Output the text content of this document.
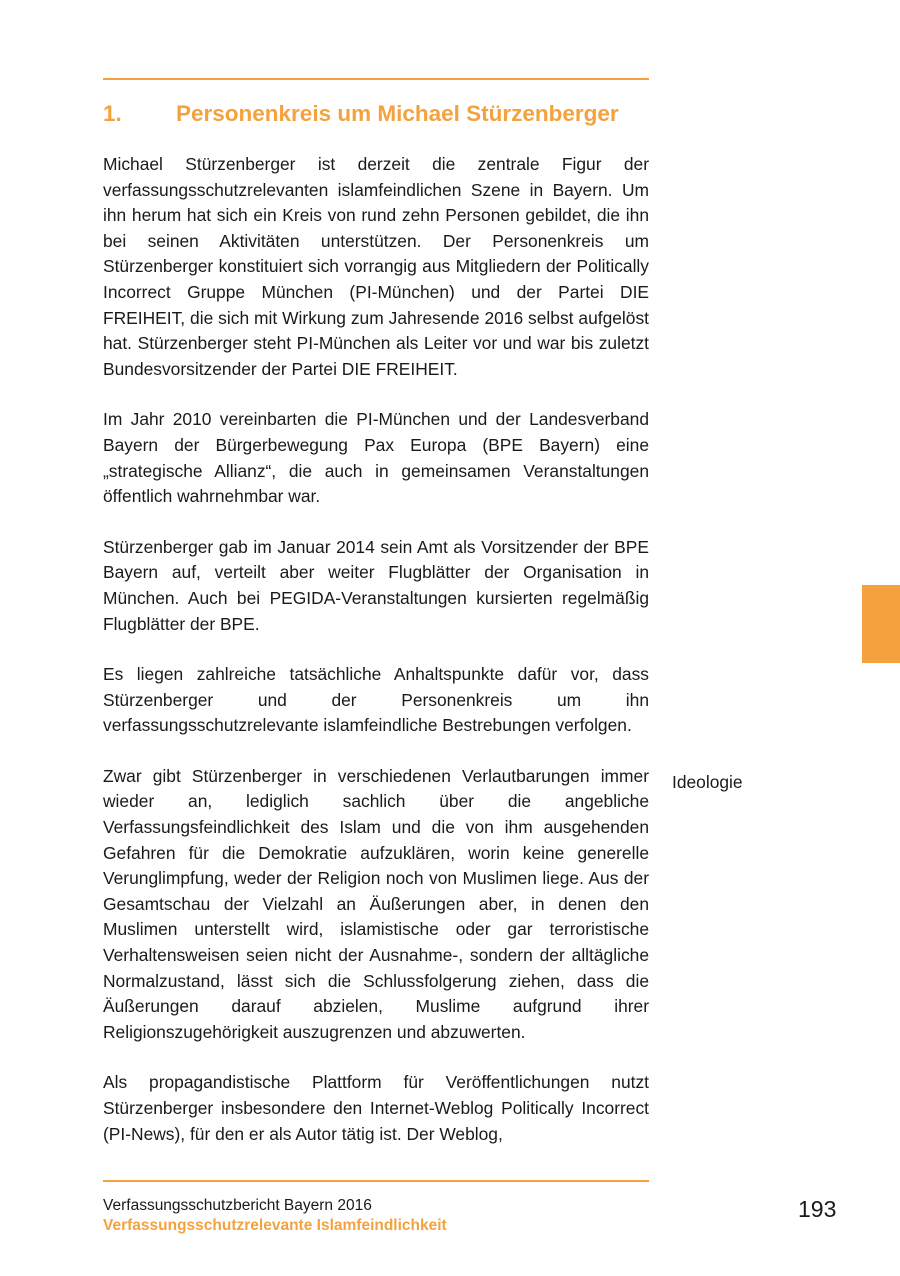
1. Personenkreis um Michael Stürzenberger

Michael Stürzenberger ist derzeit die zentrale Figur der verfassungsschutzrelevanten islamfeindlichen Szene in Bayern. Um ihn herum hat sich ein Kreis von rund zehn Personen gebildet, die ihn bei seinen Aktivitäten unterstützen. Der Personenkreis um Stürzenberger konstituiert sich vorrangig aus Mitgliedern der Politically Incorrect Gruppe München (PI-München) und der Partei DIE FREIHEIT, die sich mit Wirkung zum Jahresende 2016 selbst aufgelöst hat. Stürzenberger steht PI-München als Leiter vor und war bis zuletzt Bundesvorsitzender der Partei DIE FREIHEIT.

Im Jahr 2010 vereinbarten die PI-München und der Landesverband Bayern der Bürgerbewegung Pax Europa (BPE Bayern) eine „strategische Allianz“, die auch in gemeinsamen Veranstaltungen öffentlich wahrnehmbar war.

Stürzenberger gab im Januar 2014 sein Amt als Vorsitzender der BPE Bayern auf, verteilt aber weiter Flugblätter der Organisation in München. Auch bei PEGIDA-Veranstaltungen kursierten regelmäßig Flugblätter der BPE.

Es liegen zahlreiche tatsächliche Anhaltspunkte dafür vor, dass Stürzenberger und der Personenkreis um ihn verfassungsschutzrelevante islamfeindliche Bestrebungen verfolgen.

Zwar gibt Stürzenberger in verschiedenen Verlautbarungen immer wieder an, lediglich sachlich über die angebliche Verfassungsfeindlichkeit des Islam und die von ihm ausgehenden Gefahren für die Demokratie aufzuklären, worin keine generelle Verunglimpfung, weder der Religion noch von Muslimen liege. Aus der Gesamtschau der Vielzahl an Äußerungen aber, in denen den Muslimen unterstellt wird, islamistische oder gar terroristische Verhaltensweisen seien nicht der Ausnahme-, sondern der alltägliche Normalzustand, lässt sich die Schlussfolgerung ziehen, dass die Äußerungen darauf abzielen, Muslime aufgrund ihrer Religionszugehörigkeit auszugrenzen und abzuwerten.

Als propagandistische Plattform für Veröffentlichungen nutzt Stürzenberger insbesondere den Internet-Weblog Politically Incorrect (PI-News), für den er als Autor tätig ist. Der Weblog,

Ideologie
Verfassungsschutzbericht Bayern 2016
Verfassungsschutzrelevante Islamfeindlichkeit
193
